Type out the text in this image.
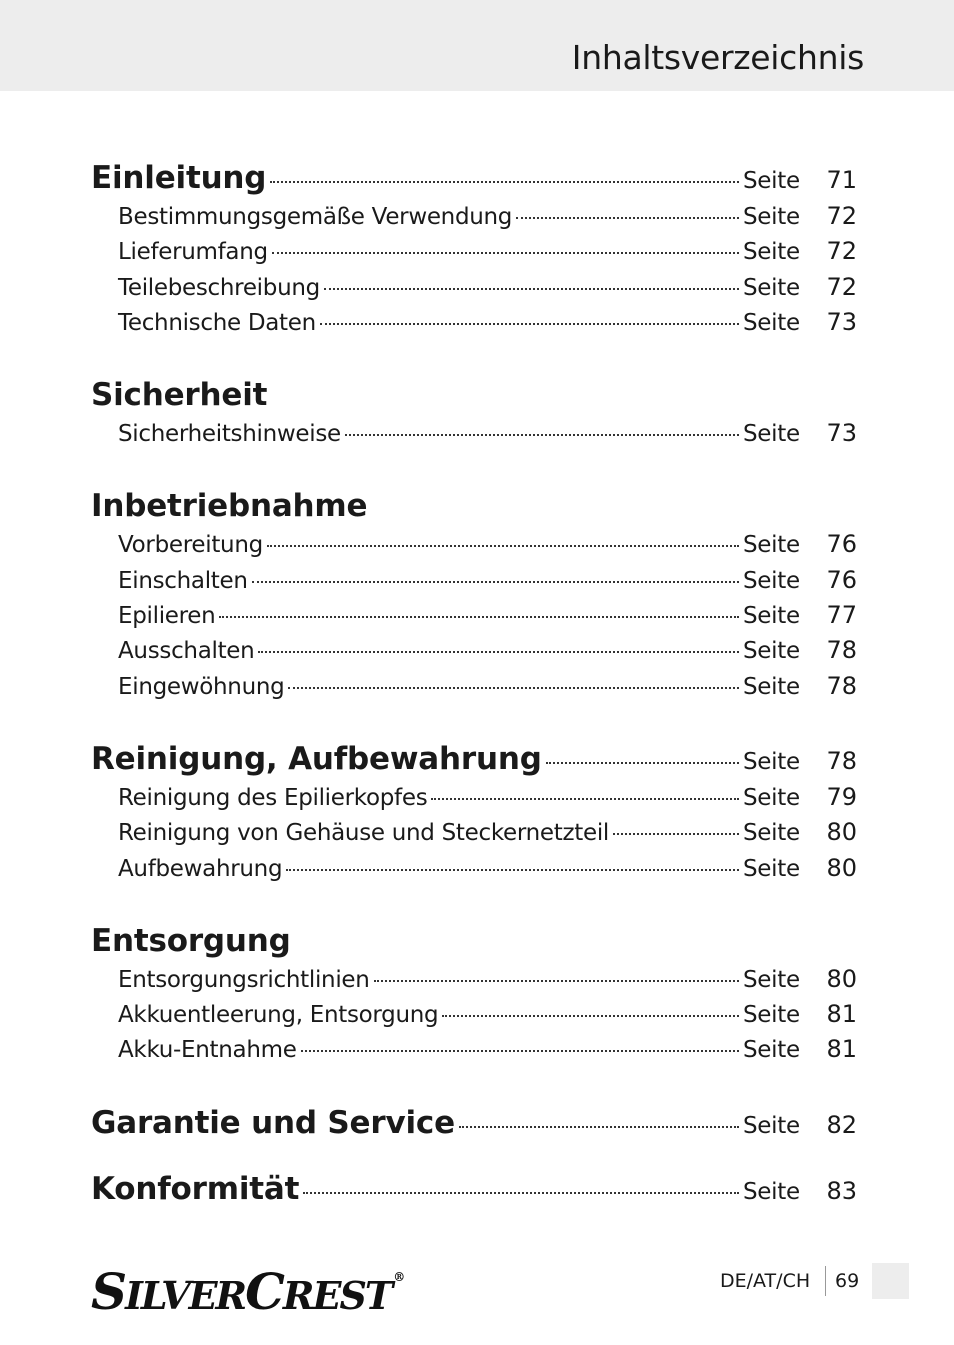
Inhaltsverzeichnis
Einleitung	Seite	71
Bestimmungsgemäße Verwendung	Seite	72
Lieferumfang	Seite	72
Teilebeschreibung	Seite	72
Technische Daten	Seite	73
Sicherheit
Sicherheitshinweise	Seite	73
Inbetriebnahme
Vorbereitung	Seite	76
Einschalten	Seite	76
Epilieren	Seite	77
Ausschalten	Seite	78
Eingewöhnung	Seite	78
Reinigung, Aufbewahrung	Seite	78
Reinigung des Epilierkopfes	Seite	79
Reinigung von Gehäuse und Steckernetzteil	Seite	80
Aufbewahrung	Seite	80
Entsorgung
Entsorgungsrichtlinien	Seite	80
Akkuentleerung, Entsorgung	Seite	81
Akku-Entnahme	Seite	81
Garantie und Service	Seite	82
Konformität	Seite	83
SILVERCREST ®	DE/AT/CH 69
